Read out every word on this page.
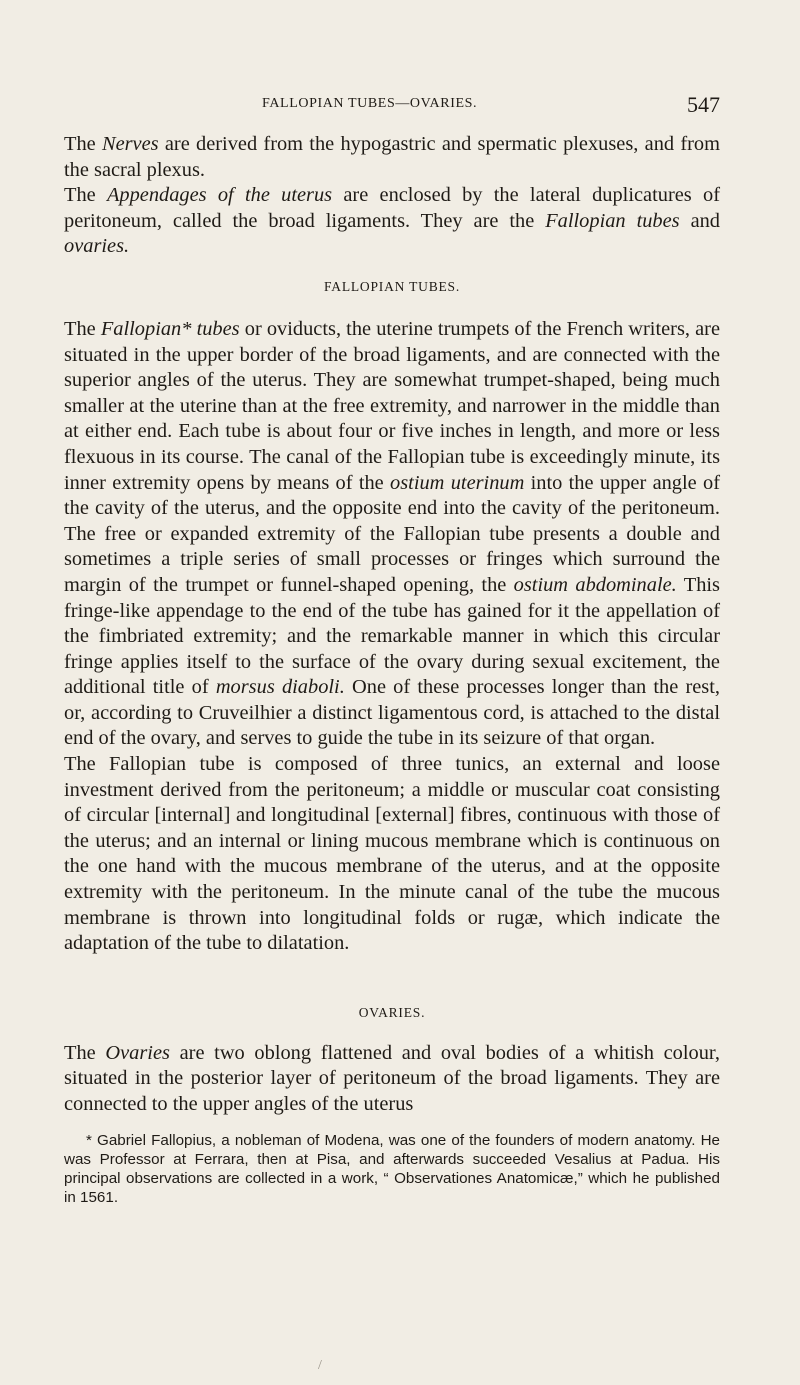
FALLOPIAN TUBES—OVARIES.	547

The Nerves are derived from the hypogastric and spermatic plexuses, and from the sacral plexus.

The Appendages of the uterus are enclosed by the lateral duplicatures of peritoneum, called the broad ligaments. They are the Fallopian tubes and ovaries.

FALLOPIAN TUBES.

The Fallopian* tubes or oviducts, the uterine trumpets of the French writers, are situated in the upper border of the broad ligaments, and are connected with the superior angles of the uterus. They are somewhat trumpet-shaped, being much smaller at the uterine than at the free extremity, and narrower in the middle than at either end. Each tube is about four or five inches in length, and more or less flexuous in its course. The canal of the Fallopian tube is exceedingly minute, its inner extremity opens by means of the ostium uterinum into the upper angle of the cavity of the uterus, and the opposite end into the cavity of the peritoneum. The free or expanded extremity of the Fallopian tube presents a double and sometimes a triple series of small processes or fringes which surround the margin of the trumpet or funnel-shaped opening, the ostium abdominale. This fringe-like appendage to the end of the tube has gained for it the appellation of the fimbriated extremity; and the remarkable manner in which this circular fringe applies itself to the surface of the ovary during sexual excitement, the additional title of morsus diaboli. One of these processes longer than the rest, or, according to Cruveilhier a distinct ligamentous cord, is attached to the distal end of the ovary, and serves to guide the tube in its seizure of that organ.

The Fallopian tube is composed of three tunics, an external and loose investment derived from the peritoneum; a middle or muscular coat consisting of circular [internal] and longitudinal [external] fibres, continuous with those of the uterus; and an internal or lining mucous membrane which is continuous on the one hand with the mucous membrane of the uterus, and at the opposite extremity with the peritoneum. In the minute canal of the tube the mucous membrane is thrown into longitudinal folds or rugæ, which indicate the adaptation of the tube to dilatation.

OVARIES.

The Ovaries are two oblong flattened and oval bodies of a whitish colour, situated in the posterior layer of peritoneum of the broad ligaments. They are connected to the upper angles of the uterus

* Gabriel Fallopius, a nobleman of Modena, was one of the founders of modern anatomy. He was Professor at Ferrara, then at Pisa, and afterwards succeeded Vesalius at Padua. His principal observations are collected in a work, “ Observationes Anatomicæ,” which he published in 1561.
/
